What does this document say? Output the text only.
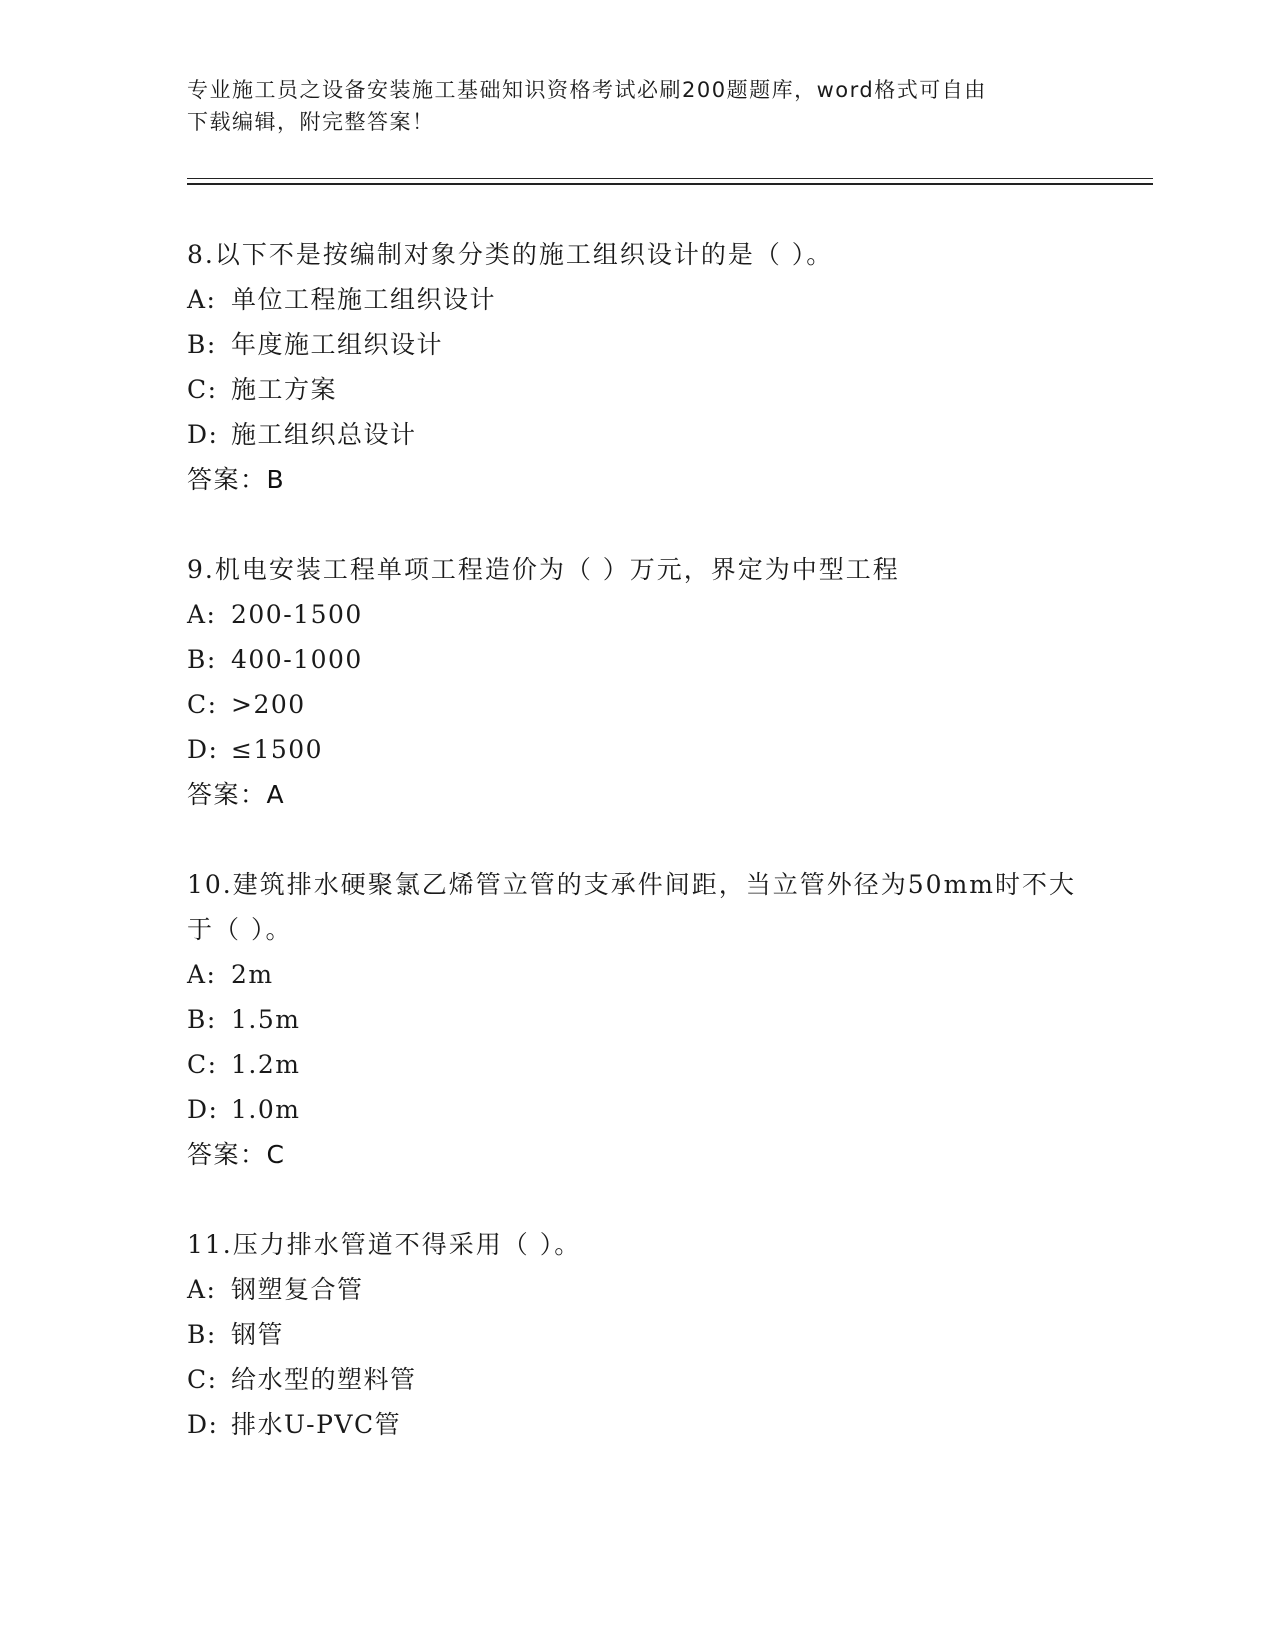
专业施工员之设备安装施工基础知识资格考试必刷200题题库，word格式可自由
下载编辑，附完整答案！
8.以下不是按编制对象分类的施工组织设计的是（ ）。
A: 单位工程施工组织设计
B: 年度施工组织设计
C: 施工方案
D: 施工组织总设计
答案：B
9.机电安装工程单项工程造价为（ ）万元，界定为中型工程
A: 200-1500
B: 400-1000
C: >200
D: ≤1500
答案：A
10.建筑排水硬聚氯乙烯管立管的支承件间距，当立管外径为50mm时不大于（ ）。
A: 2m
B: 1.5m
C: 1.2m
D: 1.0m
答案：C
11.压力排水管道不得采用（ ）。
A: 钢塑复合管
B: 钢管
C: 给水型的塑料管
D: 排水U-PVC管
